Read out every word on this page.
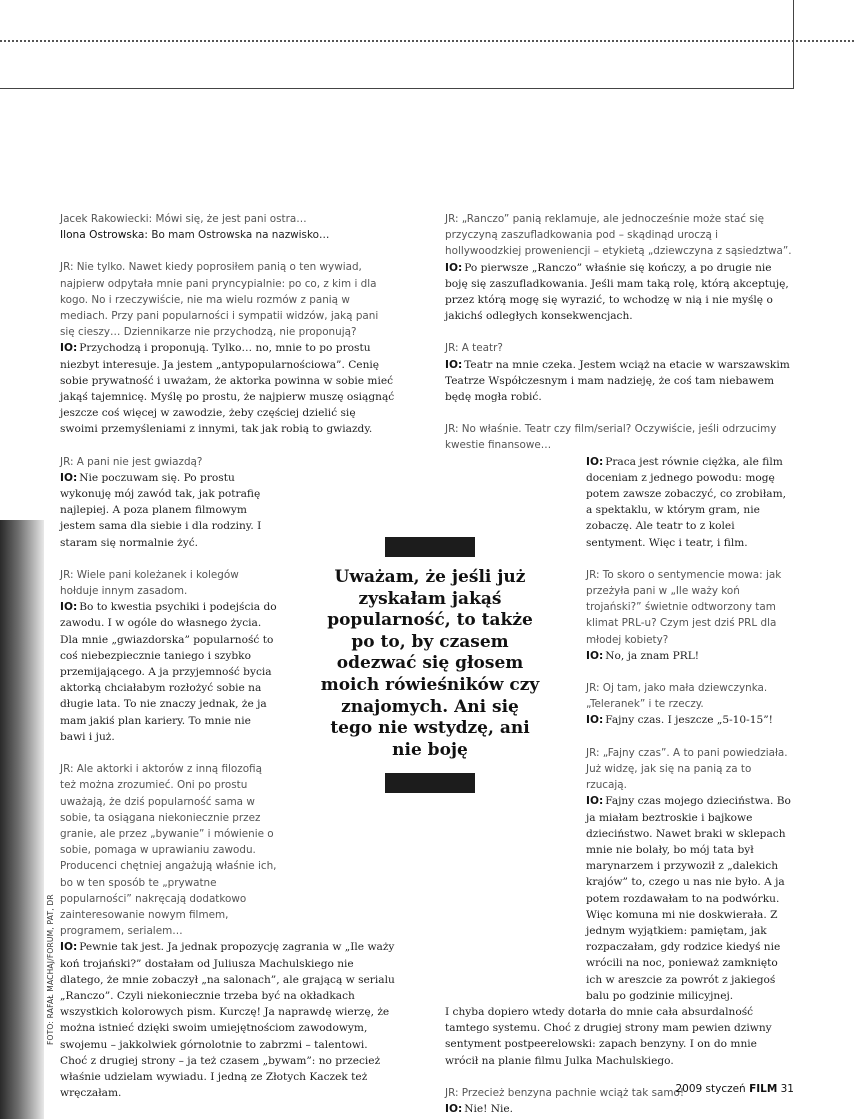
FOTO: RAFAŁ MACHAJ/FORUM, PAT, DR

Jacek Rakowiecki: Mówi się, że jest pani ostra…

Ilona Ostrowska: Bo mam Ostrowska na nazwisko…

JR: Nie tylko. Nawet kiedy poprosiłem panią o ten wywiad, najpierw odpytała mnie pani pryncypialnie: po co, z kim i dla kogo. No i rzeczywiście, nie ma wielu rozmów z panią w mediach. Przy pani popularności i sympatii widzów, jaką pani się cieszy… Dziennikarze nie przychodzą, nie proponują?

IO: Przychodzą i proponują. Tylko… no, mnie to po prostu niezbyt interesuje. Ja jestem „antypopularnościowa”. Cenię sobie prywatność i uważam, że aktorka powinna w sobie mieć jakąś tajemnicę. Myślę po prostu, że najpierw muszę osiągnąć jeszcze coś więcej w zawodzie, żeby częściej dzielić się swoimi przemyśleniami z innymi, tak jak robią to gwiazdy.

JR: A pani nie jest gwiazdą?

IO: Nie poczuwam się. Po prostu wykonuję mój zawód tak, jak potrafię najlepiej. A poza planem filmowym jestem sama dla siebie i dla rodziny. I staram się normalnie żyć.

JR: Wiele pani koleżanek i kolegów hołduje innym zasadom.

IO: Bo to kwestia psychiki i podejścia do zawodu. I w ogóle do własnego życia. Dla mnie „gwiazdorska” popularność to coś niebezpiecznie taniego i szybko przemijającego. A ja przyjemność bycia aktorką chciałabym rozłożyć sobie na długie lata. To nie znaczy jednak, że ja mam jakiś plan kariery. To mnie nie bawi i już.

JR: Ale aktorki i aktorów z inną filozofią też można zrozumieć. Oni po prostu uważają, że dziś popularność sama w sobie, ta osiągana niekoniecznie przez granie, ale przez „bywanie” i mówienie o sobie, pomaga w uprawianiu zawodu. Producenci chętniej angażują właśnie ich, bo w ten sposób te „prywatne popularności” nakręcają dodatkowo zainteresowanie nowym filmem, programem, serialem…

IO: Pewnie tak jest. Ja jednak propozycję zagrania w „Ile waży koń trojański?” dostałam od Juliusza Machulskiego nie dlatego, że mnie zobaczył „na salonach”, ale grającą w serialu „Ranczo”. Czyli niekoniecznie trzeba być na okładkach wszystkich kolorowych pism. Kurczę! Ja naprawdę wierzę, że można istnieć dzięki swoim umiejętnościom zawodowym, swojemu – jakkolwiek górnolotnie to zabrzmi – talentowi. Choć z drugiej strony – ja też czasem „bywam”: no przecież właśnie udzielam wywiadu. I jedną ze Złotych Kaczek też wręczałam.

Uważam, że jeśli już zyskałam jakąś popularność, to także po to, by czasem odezwać się głosem moich rówieśników czy znajomych. Ani się tego nie wstydzę, ani nie boję

JR: „Ranczo” panią reklamuje, ale jednocześnie może stać się przyczyną zaszufladkowania pod – skądinąd uroczą i hollywoodzkiej proweniencji – etykietą „dziewczyna z sąsiedztwa”.

IO: Po pierwsze „Ranczo” właśnie się kończy, a po drugie nie boję się zaszufladkowania. Jeśli mam taką rolę, którą akceptuję, przez którą mogę się wyrazić, to wchodzę w nią i nie myślę o jakichś odległych konsekwencjach.

JR: A teatr?

IO: Teatr na mnie czeka. Jestem wciąż na etacie w warszawskim Teatrze Współczesnym i mam nadzieję, że coś tam niebawem będę mogła robić.

JR: No właśnie. Teatr czy film/serial? Oczywiście, jeśli odrzucimy kwestie finansowe…

IO: Praca jest równie ciężka, ale film doceniam z jednego powodu: mogę potem zawsze zobaczyć, co zrobiłam, a spektaklu, w którym gram, nie zobaczę. Ale teatr to z kolei sentyment. Więc i teatr, i film.

JR: To skoro o sentymencie mowa: jak przeżyła pani w „Ile waży koń trojański?” świetnie odtworzony tam klimat PRL-u? Czym jest dziś PRL dla młodej kobiety?

IO: No, ja znam PRL!

JR: Oj tam, jako mała dziewczynka. „Teleranek” i te rzeczy.

IO: Fajny czas. I jeszcze „5-10-15”!

JR: „Fajny czas”. A to pani powiedziała. Już widzę, jak się na panią za to rzucają.

IO: Fajny czas mojego dzieciństwa. Bo ja miałam beztroskie i bajkowe dzieciństwo. Nawet braki w sklepach mnie nie bolały, bo mój tata był marynarzem i przywoził z „dalekich krajów” to, czego u nas nie było. A ja potem rozdawałam to na podwórku. Więc komuna mi nie doskwierała. Z jednym wyjątkiem: pamiętam, jak rozpaczałam, gdy rodzice kiedyś nie wrócili na noc, ponieważ zamknięto ich w areszcie za powrót z jakiegoś balu po godzinie milicyjnej.

I chyba dopiero wtedy dotarła do mnie cała absurdalność tamtego systemu. Choć z drugiej strony mam pewien dziwny sentyment postpeerelowski: zapach benzyny. I on do mnie wrócił na planie filmu Julka Machulskiego.

JR: Przecież benzyna pachnie wciąż tak samo!

IO: Nie! Nie.

2009 styczeń FILM 31
